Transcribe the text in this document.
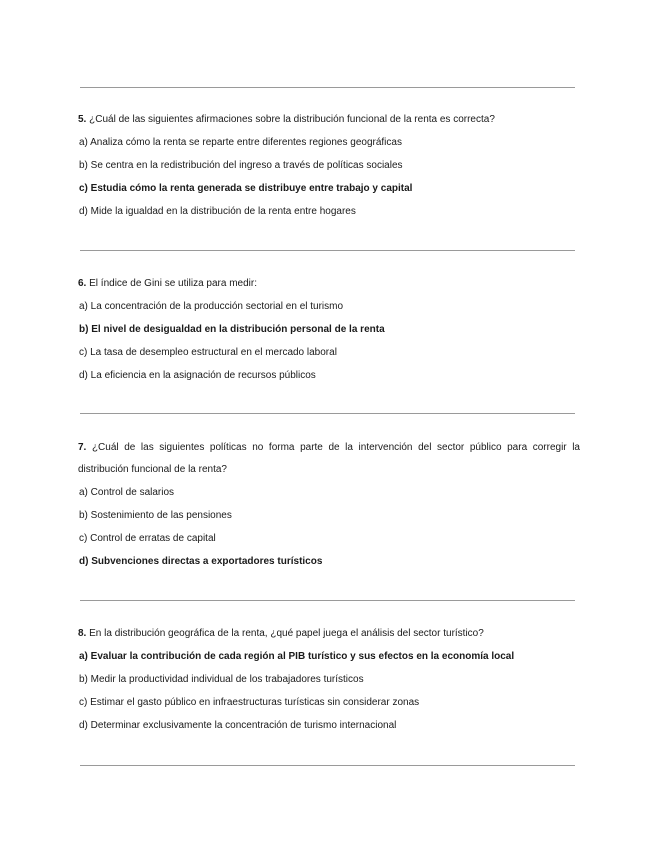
5. ¿Cuál de las siguientes afirmaciones sobre la distribución funcional de la renta es correcta?

a) Analiza cómo la renta se reparte entre diferentes regiones geográficas

b) Se centra en la redistribución del ingreso a través de políticas sociales

c) Estudia cómo la renta generada se distribuye entre trabajo y capital

d) Mide la igualdad en la distribución de la renta entre hogares

6. El índice de Gini se utiliza para medir:

a) La concentración de la producción sectorial en el turismo

b) El nivel de desigualdad en la distribución personal de la renta

c) La tasa de desempleo estructural en el mercado laboral

d) La eficiencia en la asignación de recursos públicos

7. ¿Cuál de las siguientes políticas no forma parte de la intervención del sector público para corregir la

distribución funcional de la renta?

a) Control de salarios

b) Sostenimiento de las pensiones

c) Control de erratas de capital

d) Subvenciones directas a exportadores turísticos

8. En la distribución geográfica de la renta, ¿qué papel juega el análisis del sector turístico?

a) Evaluar la contribución de cada región al PIB turístico y sus efectos en la economía local

b) Medir la productividad individual de los trabajadores turísticos

c) Estimar el gasto público en infraestructuras turísticas sin considerar zonas

d) Determinar exclusivamente la concentración de turismo internacional
